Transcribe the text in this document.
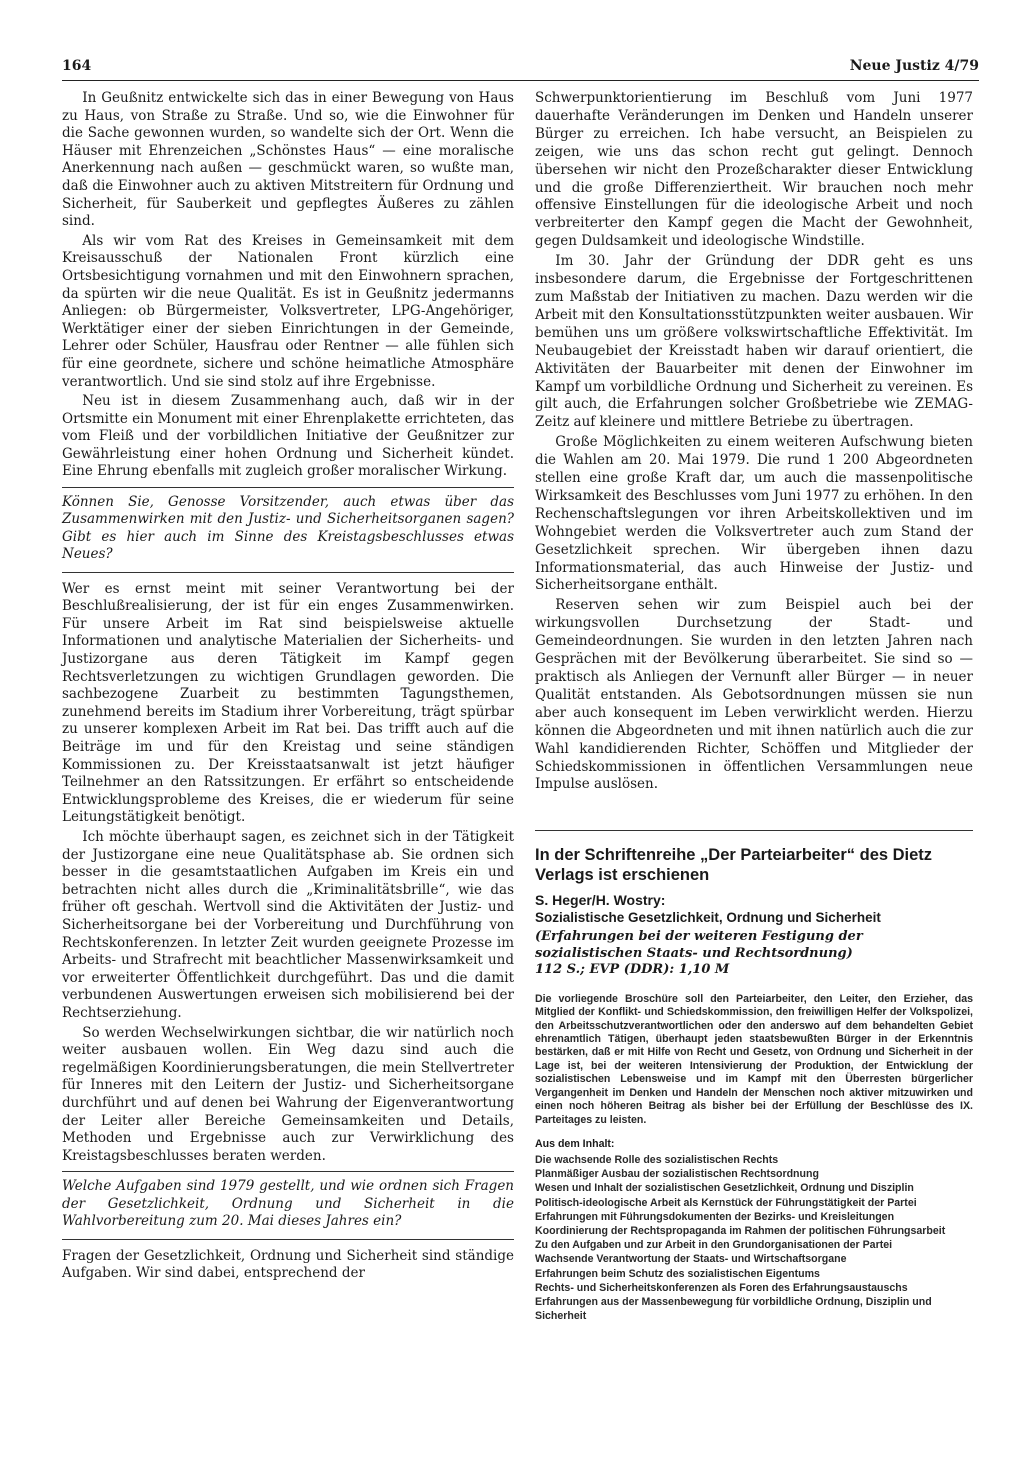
164	Neue Justiz 4/79

In Geußnitz entwickelte sich das in einer Bewegung von Haus zu Haus, von Straße zu Straße. Und so, wie die Einwohner für die Sache gewonnen wurden, so wandelte sich der Ort. Wenn die Häuser mit Ehrenzeichen „Schönstes Haus“ — eine moralische Anerkennung nach außen — geschmückt waren, so wußte man, daß die Einwohner auch zu aktiven Mitstreitern für Ordnung und Sicherheit, für Sauberkeit und gepflegtes Äußeres zu zählen sind.

Als wir vom Rat des Kreises in Gemeinsamkeit mit dem Kreisausschuß der Nationalen Front kürzlich eine Ortsbesichtigung vornahmen und mit den Einwohnern sprachen, da spürten wir die neue Qualität. Es ist in Geußnitz jedermanns Anliegen: ob Bürgermeister, Volksvertreter, LPG-Angehöriger, Werktätiger einer der sieben Einrichtungen in der Gemeinde, Lehrer oder Schüler, Hausfrau oder Rentner — alle fühlen sich für eine geordnete, sichere und schöne heimatliche Atmosphäre verantwortlich. Und sie sind stolz auf ihre Ergebnisse.

Neu ist in diesem Zusammenhang auch, daß wir in der Ortsmitte ein Monument mit einer Ehrenplakette errichteten, das vom Fleiß und der vorbildlichen Initiative der Geußnitzer zur Gewährleistung einer hohen Ordnung und Sicherheit kündet. Eine Ehrung ebenfalls mit zugleich großer moralischer Wirkung.

Können Sie, Genosse Vorsitzender, auch etwas über das Zusammenwirken mit den Justiz- und Sicherheitsorganen sagen? Gibt es hier auch im Sinne des Kreistagsbeschlusses etwas Neues?

Wer es ernst meint mit seiner Verantwortung bei der Beschlußrealisierung, der ist für ein enges Zusammenwirken. Für unsere Arbeit im Rat sind beispielsweise aktuelle Informationen und analytische Materialien der Sicherheits- und Justizorgane aus deren Tätigkeit im Kampf gegen Rechtsverletzungen zu wichtigen Grundlagen geworden. Die sachbezogene Zuarbeit zu bestimmten Tagungsthemen, zunehmend bereits im Stadium ihrer Vorbereitung, trägt spürbar zu unserer komplexen Arbeit im Rat bei. Das trifft auch auf die Beiträge im und für den Kreistag und seine ständigen Kommissionen zu. Der Kreisstaatsanwalt ist jetzt häufiger Teilnehmer an den Ratssitzungen. Er erfährt so entscheidende Entwicklungsprobleme des Kreises, die er wiederum für seine Leitungstätigkeit benötigt.

Ich möchte überhaupt sagen, es zeichnet sich in der Tätigkeit der Justizorgane eine neue Qualitätsphase ab. Sie ordnen sich besser in die gesamtstaatlichen Aufgaben im Kreis ein und betrachten nicht alles durch die „Kriminalitätsbrille“, wie das früher oft geschah. Wertvoll sind die Aktivitäten der Justiz- und Sicherheitsorgane bei der Vorbereitung und Durchführung von Rechtskonferenzen. In letzter Zeit wurden geeignete Prozesse im Arbeits- und Strafrecht mit beachtlicher Massenwirksamkeit und vor erweiterter Öffentlichkeit durchgeführt. Das und die damit verbundenen Auswertungen erweisen sich mobilisierend bei der Rechtserziehung.

So werden Wechselwirkungen sichtbar, die wir natürlich noch weiter ausbauen wollen. Ein Weg dazu sind auch die regelmäßigen Koordinierungsberatungen, die mein Stellvertreter für Inneres mit den Leitern der Justiz- und Sicherheitsorgane durchführt und auf denen bei Wahrung der Eigenverantwortung der Leiter aller Bereiche Gemeinsamkeiten und Details, Methoden und Ergebnisse auch zur Verwirklichung des Kreistagsbeschlusses beraten werden.

Welche Aufgaben sind 1979 gestellt, und wie ordnen sich Fragen der Gesetzlichkeit, Ordnung und Sicherheit in die Wahlvorbereitung zum 20. Mai dieses Jahres ein?

Fragen der Gesetzlichkeit, Ordnung und Sicherheit sind ständige Aufgaben. Wir sind dabei, entsprechend der

Schwerpunktorientierung im Beschluß vom Juni 1977 dauerhafte Veränderungen im Denken und Handeln unserer Bürger zu erreichen. Ich habe versucht, an Beispielen zu zeigen, wie uns das schon recht gut gelingt. Dennoch übersehen wir nicht den Prozeßcharakter dieser Entwicklung und die große Differenziertheit. Wir brauchen noch mehr offensive Einstellungen für die ideologische Arbeit und noch verbreiterter den Kampf gegen die Macht der Gewohnheit, gegen Duldsamkeit und ideologische Windstille.

Im 30. Jahr der Gründung der DDR geht es uns insbesondere darum, die Ergebnisse der Fortgeschrittenen zum Maßstab der Initiativen zu machen. Dazu werden wir die Arbeit mit den Konsultationsstützpunkten weiter ausbauen. Wir bemühen uns um größere volkswirtschaftliche Effektivität. Im Neubaugebiet der Kreisstadt haben wir darauf orientiert, die Aktivitäten der Bauarbeiter mit denen der Einwohner im Kampf um vorbildliche Ordnung und Sicherheit zu vereinen. Es gilt auch, die Erfahrungen solcher Großbetriebe wie ZEMAG-Zeitz auf kleinere und mittlere Betriebe zu übertragen.

Große Möglichkeiten zu einem weiteren Aufschwung bieten die Wahlen am 20. Mai 1979. Die rund 1 200 Abgeordneten stellen eine große Kraft dar, um auch die massenpolitische Wirksamkeit des Beschlusses vom Juni 1977 zu erhöhen. In den Rechenschaftslegungen vor ihren Arbeitskollektiven und im Wohngebiet werden die Volksvertreter auch zum Stand der Gesetzlichkeit sprechen. Wir übergeben ihnen dazu Informationsmaterial, das auch Hinweise der Justiz- und Sicherheitsorgane enthält.

Reserven sehen wir zum Beispiel auch bei der wirkungsvollen Durchsetzung der Stadt- und Gemeindeordnungen. Sie wurden in den letzten Jahren nach Gesprächen mit der Bevölkerung überarbeitet. Sie sind so — praktisch als Anliegen der Vernunft aller Bürger — in neuer Qualität entstanden. Als Gebotsordnungen müssen sie nun aber auch konsequent im Leben verwirklicht werden. Hierzu können die Abgeordneten und mit ihnen natürlich auch die zur Wahl kandidierenden Richter, Schöffen und Mitglieder der Schiedskommissionen in öffentlichen Versammlungen neue Impulse auslösen.

In der Schriftenreihe „Der Parteiarbeiter“ des Dietz Verlags ist erschienen

S. Heger/H. Wostry:

Sozialistische Gesetzlichkeit, Ordnung und Sicherheit

(Erfahrungen bei der weiteren Festigung der sozialistischen Staats- und Rechtsordnung)

112 S.; EVP (DDR): 1,10 M

Die vorliegende Broschüre soll den Parteiarbeiter, den Leiter, den Erzieher, das Mitglied der Konflikt- und Schiedskommission, den freiwilligen Helfer der Volkspolizei, den Arbeitsschutzverantwortlichen oder den anderswo auf dem behandelten Gebiet ehrenamtlich Tätigen, überhaupt jeden staatsbewußten Bürger in der Erkenntnis bestärken, daß er mit Hilfe von Recht und Gesetz, von Ordnung und Sicherheit in der Lage ist, bei der weiteren Intensivierung der Produktion, der Entwicklung der sozialistischen Lebensweise und im Kampf mit den Überresten bürgerlicher Vergangenheit im Denken und Handeln der Menschen noch aktiver mitzuwirken und einen noch höheren Beitrag als bisher bei der Erfüllung der Beschlüsse des IX. Parteitages zu leisten.

Aus dem Inhalt:

Die wachsende Rolle des sozialistischen Rechts
Planmäßiger Ausbau der sozialistischen Rechtsordnung
Wesen und Inhalt der sozialistischen Gesetzlichkeit, Ordnung und Disziplin
Politisch-ideologische Arbeit als Kernstück der Führungstätigkeit der Partei
Erfahrungen mit Führungsdokumenten der Bezirks- und Kreisleitungen
Koordinierung der Rechtspropaganda im Rahmen der politischen Führungsarbeit
Zu den Aufgaben und zur Arbeit in den Grundorganisationen der Partei
Wachsende Verantwortung der Staats- und Wirtschaftsorgane
Erfahrungen beim Schutz des sozialistischen Eigentums
Rechts- und Sicherheitskonferenzen als Foren des Erfahrungsaustauschs
Erfahrungen aus der Massenbewegung für vorbildliche Ordnung, Disziplin und Sicherheit
